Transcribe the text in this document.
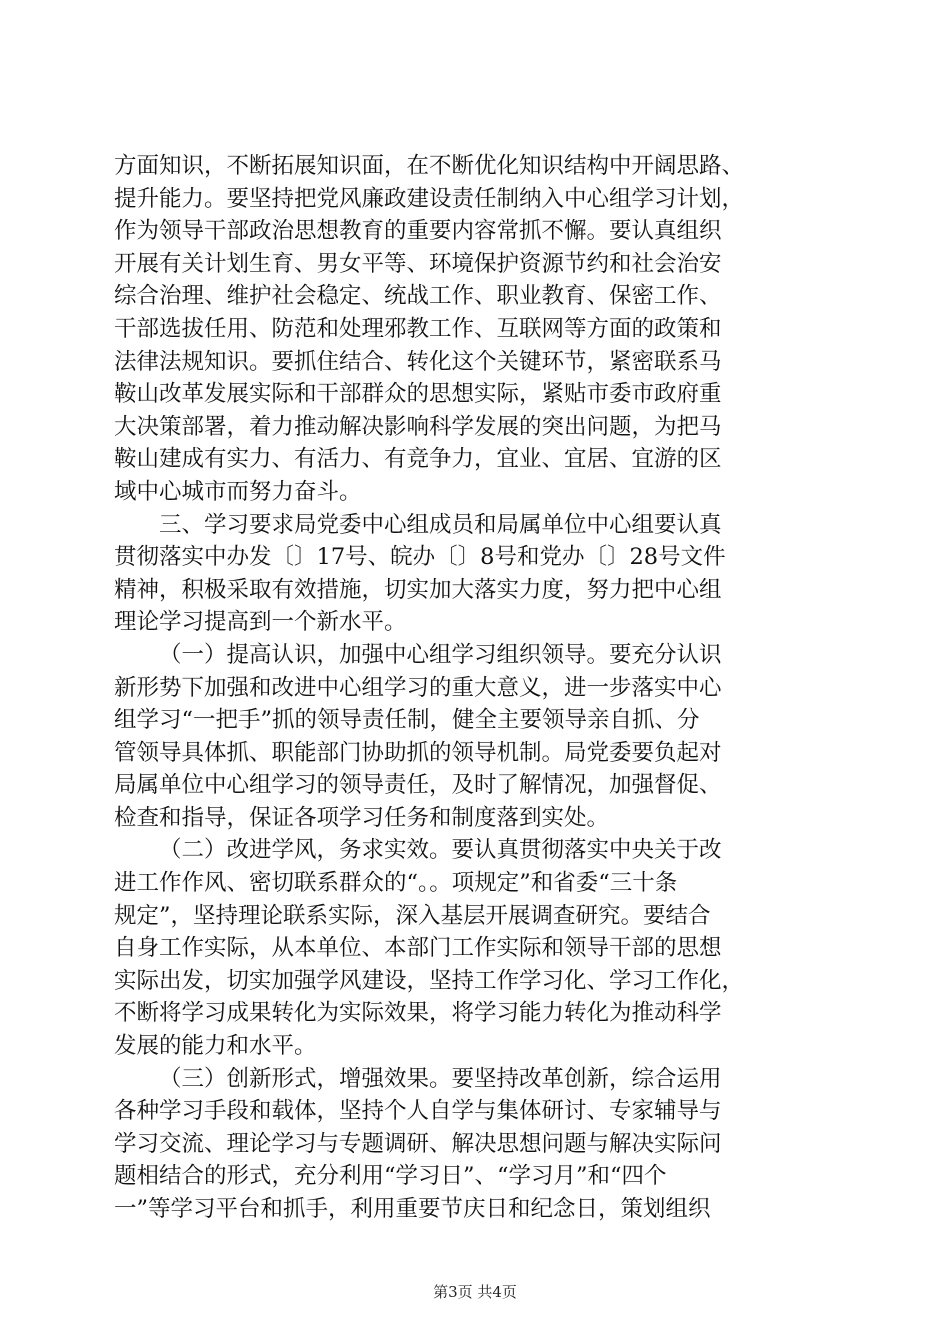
方面知识，不断拓展知识面，在不断优化知识结构中开阔思路、
提升能力。要坚持把党风廉政建设责任制纳入中心组学习计划，
作为领导干部政治思想教育的重要内容常抓不懈。要认真组织
开展有关计划生育、男女平等、环境保护资源节约和社会治安
综合治理、维护社会稳定、统战工作、职业教育、保密工作、
干部选拔任用、防范和处理邪教工作、互联网等方面的政策和
法律法规知识。要抓住结合、转化这个关键环节，紧密联系马
鞍山改革发展实际和干部群众的思想实际，紧贴市委市政府重
大决策部署，着力推动解决影响科学发展的突出问题，为把马
鞍山建成有实力、有活力、有竞争力，宜业、宜居、宜游的区
域中心城市而努力奋斗。
三、学习要求局党委中心组成员和局属单位中心组要认真
贯彻落实中办发〔〕17号、皖办〔〕8号和党办〔〕28号文件
精神，积极采取有效措施，切实加大落实力度，努力把中心组
理论学习提高到一个新水平。
（一）提高认识，加强中心组学习组织领导。要充分认识
新形势下加强和改进中心组学习的重大意义，进一步落实中心
组学习“一把手”抓的领导责任制，健全主要领导亲自抓、分
管领导具体抓、职能部门协助抓的领导机制。局党委要负起对
局属单位中心组学习的领导责任，及时了解情况，加强督促、
检查和指导，保证各项学习任务和制度落到实处。
（二）改进学风，务求实效。要认真贯彻落实中央关于改
进工作作风、密切联系群众的“。。项规定”和省委“三十条
规定”，坚持理论联系实际，深入基层开展调查研究。要结合
自身工作实际，从本单位、本部门工作实际和领导干部的思想
实际出发，切实加强学风建设，坚持工作学习化、学习工作化，
不断将学习成果转化为实际效果，将学习能力转化为推动科学
发展的能力和水平。
（三）创新形式，增强效果。要坚持改革创新，综合运用
各种学习手段和载体，坚持个人自学与集体研讨、专家辅导与
学习交流、理论学习与专题调研、解决思想问题与解决实际问
题相结合的形式，充分利用“学习日”、“学习月”和“四个
一”等学习平台和抓手，利用重要节庆日和纪念日，策划组织
第3页 共4页
